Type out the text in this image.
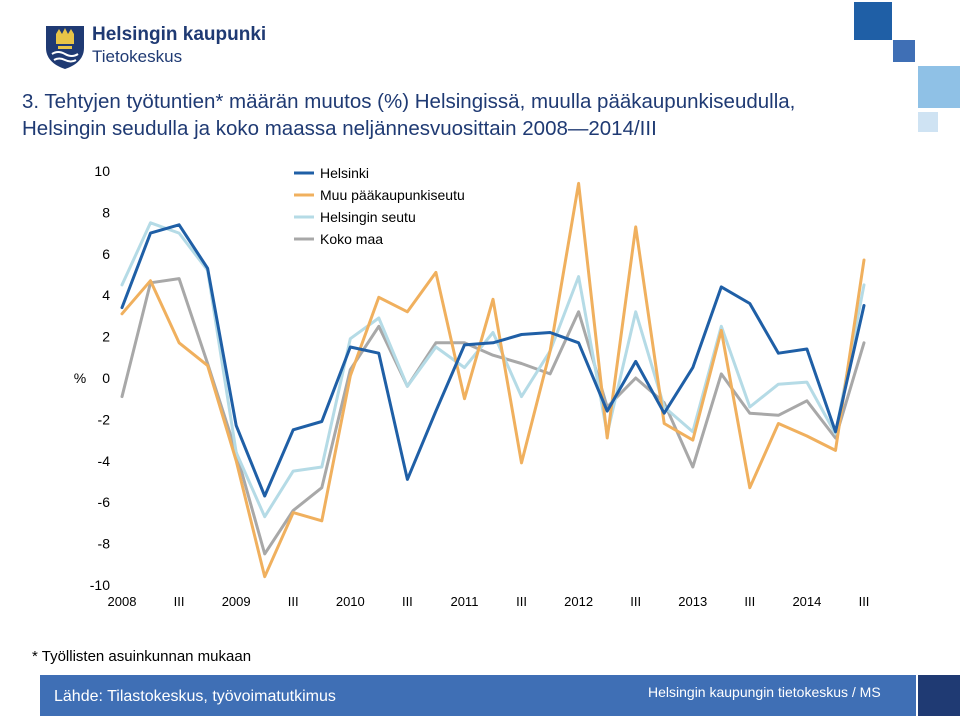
Helsingin kaupunki
Tietokeskus
3. Tehtyjen työtuntien* määrän muutos (%) Helsingissä, muulla pääkaupunkiseudulla,
Helsingin seudulla ja koko maassa neljännesvuosittain 2008—2014/III
10
8
6
4
2
0
-2
-4
-6
-8
-10
%
2008	III	2009	III	2010	III	2011	III	2012	III	2013	III	2014	III
Helsinki
Muu pääkaupunkiseutu
Helsingin seutu
Koko maa
* Työllisten asuinkunnan mukaan
Lähde: Tilastokeskus, työvoimatutkimus	Helsingin kaupungin tietokeskus / MS
